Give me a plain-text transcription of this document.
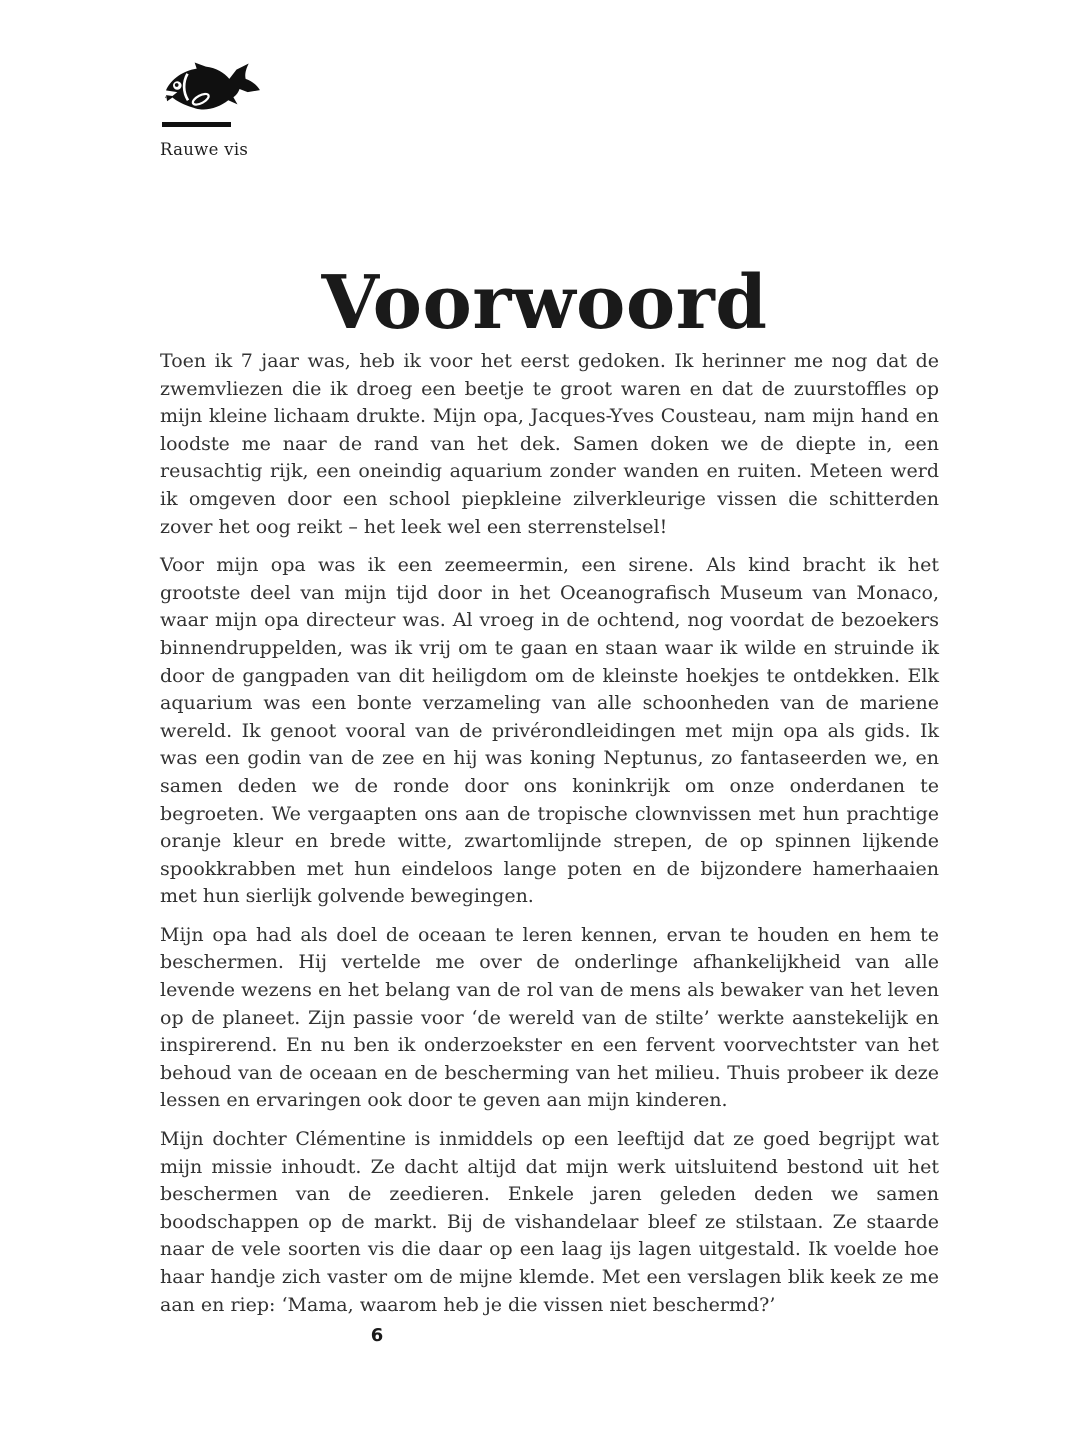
Rauwe vis
Voorwoord

Toen ik 7 jaar was, heb ik voor het eerst gedoken. Ik herinner me nog dat de zwemvliezen die ik droeg een beetje te groot waren en dat de zuurstoffles op mijn kleine lichaam drukte. Mijn opa, Jacques-Yves Cousteau, nam mijn hand en loodste me naar de rand van het dek. Samen doken we de diepte in, een reusachtig rijk, een oneindig aquarium zonder wanden en ruiten. Meteen werd ik omgeven door een school piepkleine zilverkleurige vissen die schitterden zover het oog reikt – het leek wel een sterrenstelsel!

Voor mijn opa was ik een zeemeermin, een sirene. Als kind bracht ik het grootste deel van mijn tijd door in het Oceanografisch Museum van Monaco, waar mijn opa directeur was. Al vroeg in de ochtend, nog voordat de bezoekers binnendruppelden, was ik vrij om te gaan en staan waar ik wilde en struinde ik door de gangpaden van dit heiligdom om de kleinste hoekjes te ontdekken. Elk aquarium was een bonte verzameling van alle schoonheden van de mariene wereld. Ik genoot vooral van de privérondleidingen met mijn opa als gids. Ik was een godin van de zee en hij was koning Neptunus, zo fantaseerden we, en samen deden we de ronde door ons koninkrijk om onze onderdanen te begroeten. We vergaapten ons aan de tropische clownvissen met hun prachtige oranje kleur en brede witte, zwartomlijnde strepen, de op spinnen lijkende spookkrabben met hun eindeloos lange poten en de bijzondere hamerhaaien met hun sierlijk golvende bewegingen.

Mijn opa had als doel de oceaan te leren kennen, ervan te houden en hem te beschermen. Hij vertelde me over de onderlinge afhankelijkheid van alle levende wezens en het belang van de rol van de mens als bewaker van het leven op de planeet. Zijn passie voor ‘de wereld van de stilte’ werkte aanstekelijk en inspirerend. En nu ben ik onderzoekster en een fervent voorvechtster van het behoud van de oceaan en de bescherming van het milieu. Thuis probeer ik deze lessen en ervaringen ook door te geven aan mijn kinderen.

Mijn dochter Clémentine is inmiddels op een leeftijd dat ze goed begrijpt wat mijn missie inhoudt. Ze dacht altijd dat mijn werk uitsluitend bestond uit het beschermen van de zeedieren. Enkele jaren geleden deden we samen boodschappen op de markt. Bij de vishandelaar bleef ze stilstaan. Ze staarde naar de vele soorten vis die daar op een laag ijs lagen uitgestald. Ik voelde hoe haar handje zich vaster om de mijne klemde. Met een verslagen blik keek ze me aan en riep: ‘Mama, waarom heb je die vissen niet beschermd?’

6
